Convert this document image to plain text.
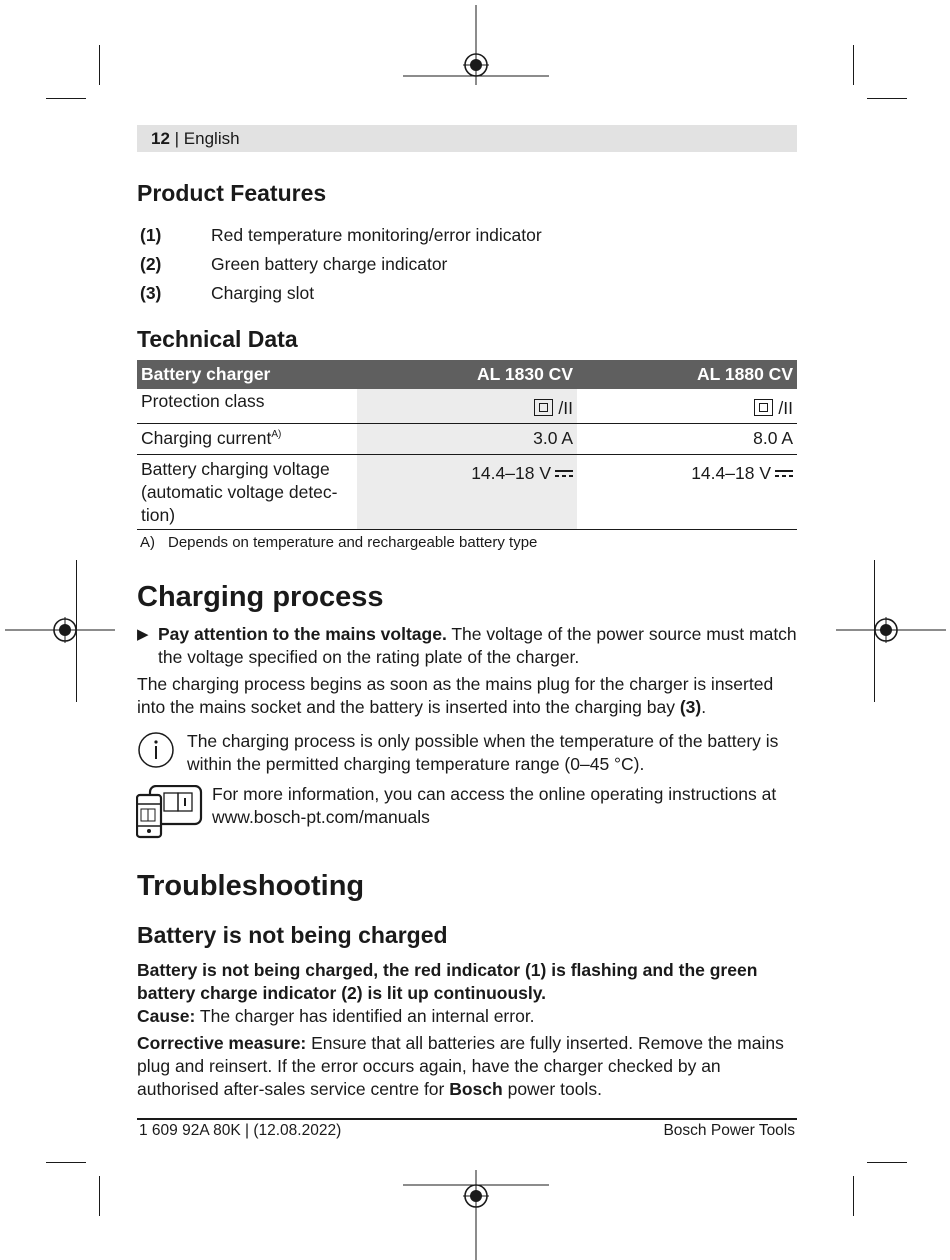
12 | English
Product Features
(1)	Red temperature monitoring/error indicator
(2)	Green battery charge indicator
(3)	Charging slot
Technical Data
Battery charger	AL 1830 CV	AL 1880 CV
Protection class	/II	/II
Charging current$^{A)}$	3.0 A	8.0 A

Battery charging voltage (automatic voltage detec-tion)	14.4–18 V	14.4–18 V
A) Depends on temperature and rechargeable battery type
Charging process
▶ Pay attention to the mains voltage. The voltage of the power source must match the voltage specified on the rating plate of the charger.
The charging process begins as soon as the mains plug for the charger is inserted into the mains socket and the battery is inserted into the charging bay (3).
The charging process is only possible when the temperature of the battery is within the permitted charging temperature range (0–45 °C).
For more information, you can access the online operating instructions at
www.bosch-pt.com/manuals
Troubleshooting
Battery is not being charged
Battery is not being charged, the red indicator (1) is flashing and the green battery charge indicator (2) is lit up continuously.
Cause: The charger has identified an internal error.
Corrective measure: Ensure that all batteries are fully inserted. Remove the mains plug and reinsert. If the error occurs again, have the charger checked by an authorised after-sales service centre for Bosch power tools.
1 609 92A 80K | (12.08.2022)	Bosch Power Tools
